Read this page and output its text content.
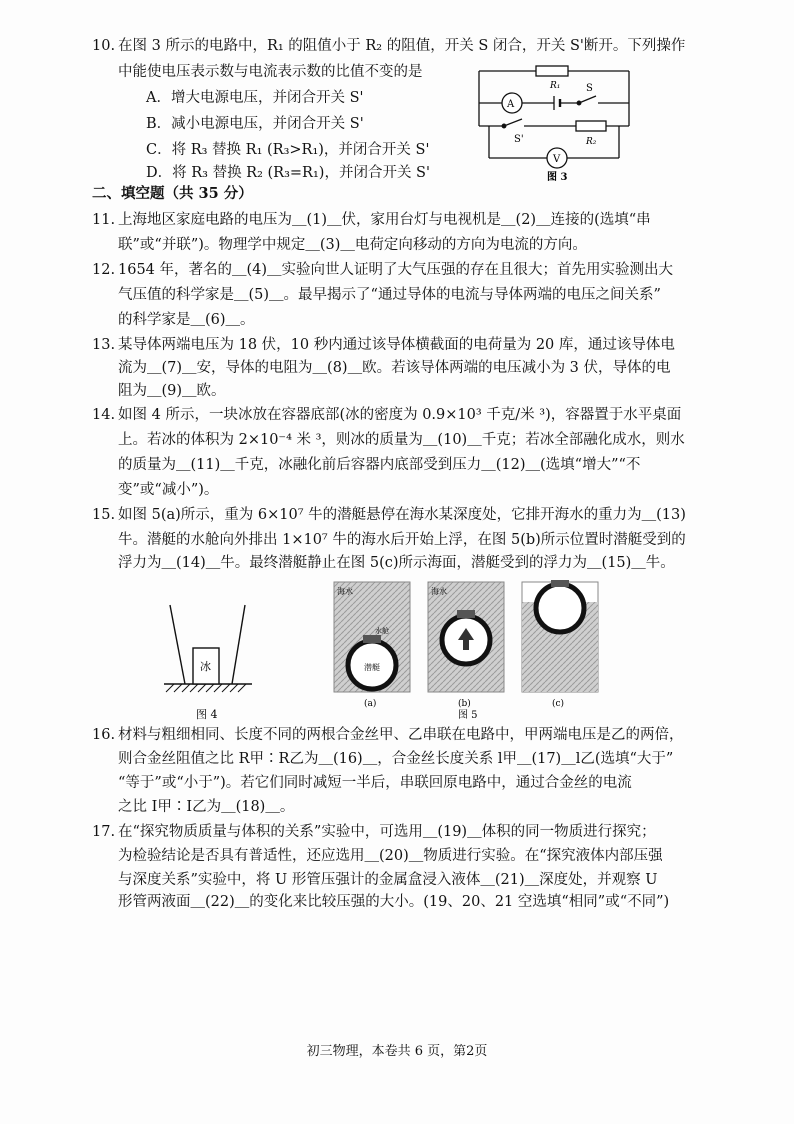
10. 在图 3 所示的电路中，R₁ 的阻值小于 R₂ 的阻值，开关 S 闭合，开关 S'断开。下列操作
中能使电压表示数与电流表示数的比值不变的是
A．增大电源电压，并闭合开关 S'
B．减小电源电压，并闭合开关 S'
C．将 R₃ 替换 R₁ (R₃>R₁)，并闭合开关 S'
D．将 R₃ 替换 R₂ (R₃=R₁)，并闭合开关 S'
R₁
A
S
S'	R₂
V
图 3
二、填空题（共 35 分）
11. 上海地区家庭电路的电压为＿(1)＿伏，家用台灯与电视机是＿(2)＿连接的(选填“串
联”或“并联”)。物理学中规定＿(3)＿电荷定向移动的方向为电流的方向。
12. 1654 年，著名的＿(4)＿实验向世人证明了大气压强的存在且很大；首先用实验测出大
气压值的科学家是＿(5)＿。最早揭示了“通过导体的电流与导体两端的电压之间关系”
的科学家是＿(6)＿。
13. 某导体两端电压为 18 伏，10 秒内通过该导体横截面的电荷量为 20 库，通过该导体电
流为＿(7)＿安，导体的电阻为＿(8)＿欧。若该导体两端的电压减小为 3 伏，导体的电
阻为＿(9)＿欧。
14. 如图 4 所示，一块冰放在容器底部(冰的密度为 0.9×10³ 千克/米 ³)，容器置于水平桌面
上。若冰的体积为 2×10⁻⁴ 米 ³，则冰的质量为＿(10)＿千克；若冰全部融化成水，则水
的质量为＿(11)＿千克，冰融化前后容器内底部受到压力＿(12)＿(选填“增大”“不
变”或“减小”)。
15. 如图 5(a)所示，重为 6×10⁷ 牛的潜艇悬停在海水某深度处，它排开海水的重力为＿(13)
牛。潜艇的水舱向外排出 1×10⁷ 牛的海水后开始上浮，在图 5(b)所示位置时潜艇受到的
浮力为＿(14)＿牛。最终潜艇静止在图 5(c)所示海面，潜艇受到的浮力为＿(15)＿牛。
冰
图 4
海水
水舱
潜艇
(a)
海水
(b)	(c)
图 5
16. 材料与粗细相同、长度不同的两根合金丝甲、乙串联在电路中，甲两端电压是乙的两倍，
则合金丝阻值之比 R甲∶R乙为＿(16)＿，合金丝长度关系 l甲＿(17)＿l乙(选填“大于”
“等于”或“小于”)。若它们同时减短一半后，串联回原电路中，通过合金丝的电流
之比 I甲∶I乙为＿(18)＿。
17. 在“探究物质质量与体积的关系”实验中，可选用＿(19)＿体积的同一物质进行探究；
为检验结论是否具有普适性，还应选用＿(20)＿物质进行实验。在“探究液体内部压强
与深度关系”实验中，将 U 形管压强计的金属盒浸入液体＿(21)＿深度处，并观察 U
形管两液面＿(22)＿的变化来比较压强的大小。(19、20、21 空选填“相同”或“不同”)
初三物理，本卷共 6 页，第2页
